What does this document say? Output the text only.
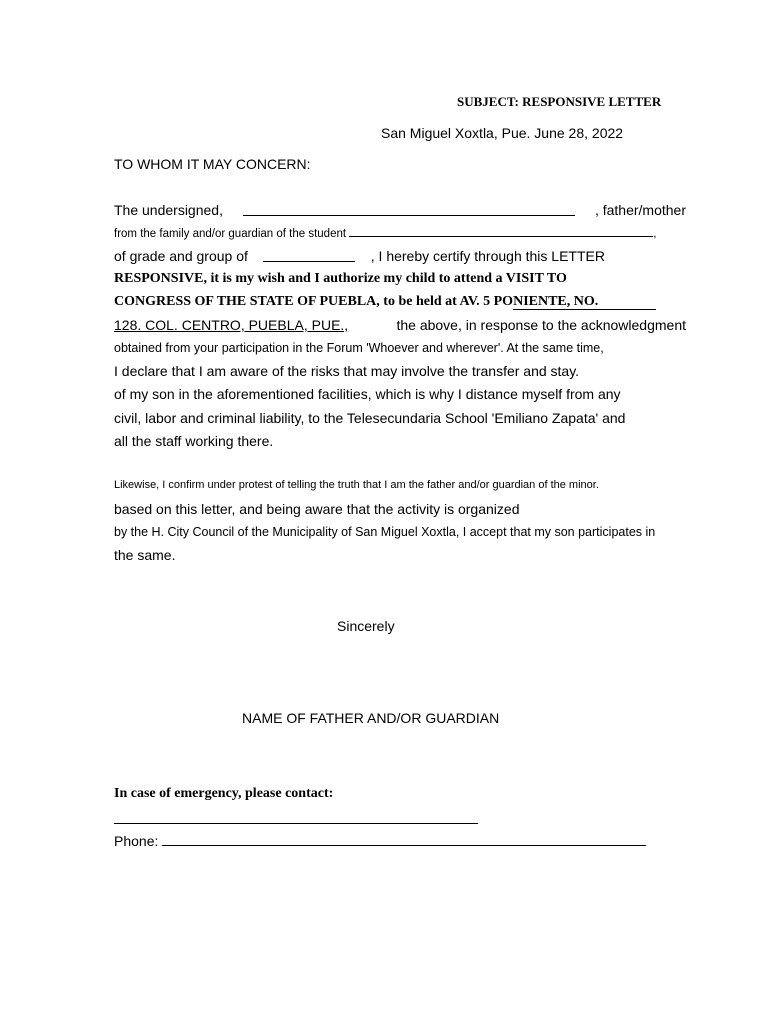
SUBJECT: RESPONSIVE LETTER
San Miguel Xoxtla, Pue. June 28, 2022
TO WHOM IT MAY CONCERN:
The undersigned,	, father/mother
from the family and/or guardian of the student	,
of grade and group of	, I hereby certify through this LETTER
RESPONSIVE, it is my wish and I authorize my child to attend a VISIT TO
CONGRESS OF THE STATE OF PUEBLA, to be held at AV. 5 PONIENTE, NO.
128. COL. CENTRO, PUEBLA, PUE.,	the above, in response to the acknowledgment
obtained from your participation in the Forum 'Whoever and wherever'. At the same time,
I declare that I am aware of the risks that may involve the transfer and stay.
of my son in the aforementioned facilities, which is why I distance myself from any
civil, labor and criminal liability, to the Telesecundaria School 'Emiliano Zapata' and
all the staff working there.
Likewise, I confirm under protest of telling the truth that I am the father and/or guardian of the minor.
based on this letter, and being aware that the activity is organized
by the H. City Council of the Municipality of San Miguel Xoxtla, I accept that my son participates in
the same.
Sincerely
NAME OF FATHER AND/OR GUARDIAN
In case of emergency, please contact:
Phone:
